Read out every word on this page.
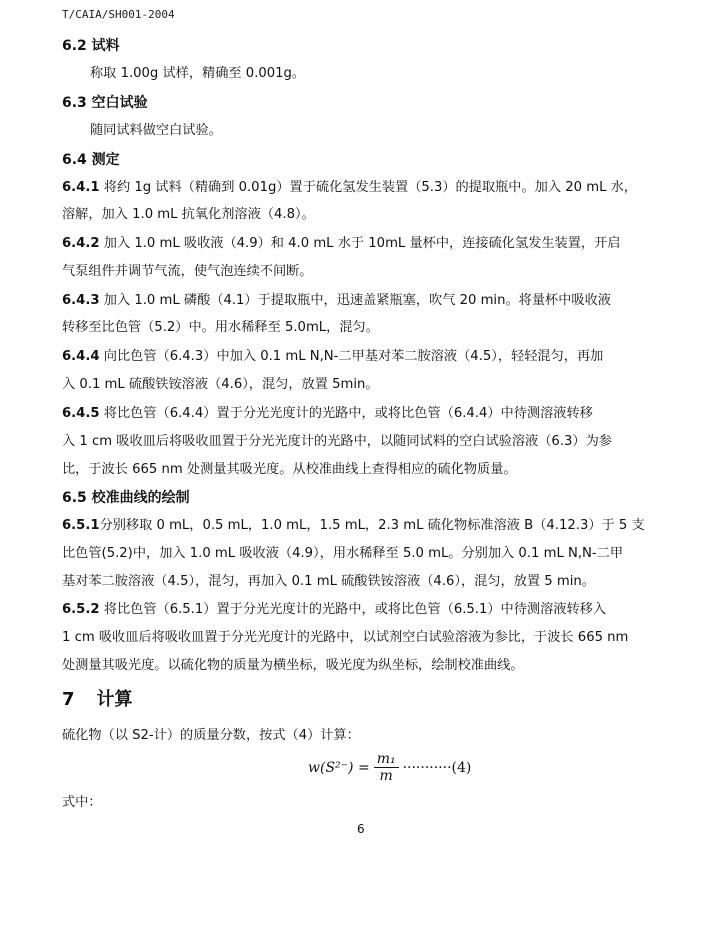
T/CAIA/SH001-2004
6.2 试料
称取 1.00g 试样，精确至 0.001g。
6.3 空白试验
随同试料做空白试验。
6.4 测定
6.4.1 将约 1g 试料（精确到 0.01g）置于硫化氢发生装置（5.3）的提取瓶中。加入 20 mL 水，
溶解，加入 1.0 mL 抗氧化剂溶液（4.8）。
6.4.2 加入 1.0 mL 吸收液（4.9）和 4.0 mL 水于 10mL 量杯中，连接硫化氢发生装置，开启
气泵组件并调节气流，使气泡连续不间断。
6.4.3 加入 1.0 mL 磷酸（4.1）于提取瓶中，迅速盖紧瓶塞，吹气 20 min。将量杯中吸收液
转移至比色管（5.2）中。用水稀释至 5.0mL，混匀。
6.4.4 向比色管（6.4.3）中加入 0.1 mL N,N-二甲基对苯二胺溶液（4.5），轻轻混匀，再加
入 0.1 mL 硫酸铁铵溶液（4.6），混匀，放置 5min。
6.4.5 将比色管（6.4.4）置于分光光度计的光路中，或将比色管（6.4.4）中待测溶液转移
入 1 cm 吸收皿后将吸收皿置于分光光度计的光路中，以随同试料的空白试验溶液（6.3）为参
比，于波长 665 nm 处测量其吸光度。从校准曲线上查得相应的硫化物质量。
6.5 校准曲线的绘制
6.5.1分别移取 0 mL，0.5 mL，1.0 mL，1.5 mL，2.3 mL 硫化物标准溶液 B（4.12.3）于 5 支
比色管(5.2)中，加入 1.0 mL 吸收液（4.9），用水稀释至 5.0 mL。分别加入 0.1 mL N,N-二甲
基对苯二胺溶液（4.5），混匀，再加入 0.1 mL 硫酸铁铵溶液（4.6），混匀，放置 5 min。
6.5.2 将比色管（6.5.1）置于分光光度计的光路中，或将比色管（6.5.1）中待测溶液转移入
1 cm 吸收皿后将吸收皿置于分光光度计的光路中，以试剂空白试验溶液为参比，于波长 665 nm
处测量其吸光度。以硫化物的质量为横坐标，吸光度为纵坐标，绘制校准曲线。
7 计算
硫化物（以 S2-计）的质量分数，按式（4）计算：
$w(S^{2-}) = \frac{\text{m₁}}{m}$ ··········· (4)
式中：
6
